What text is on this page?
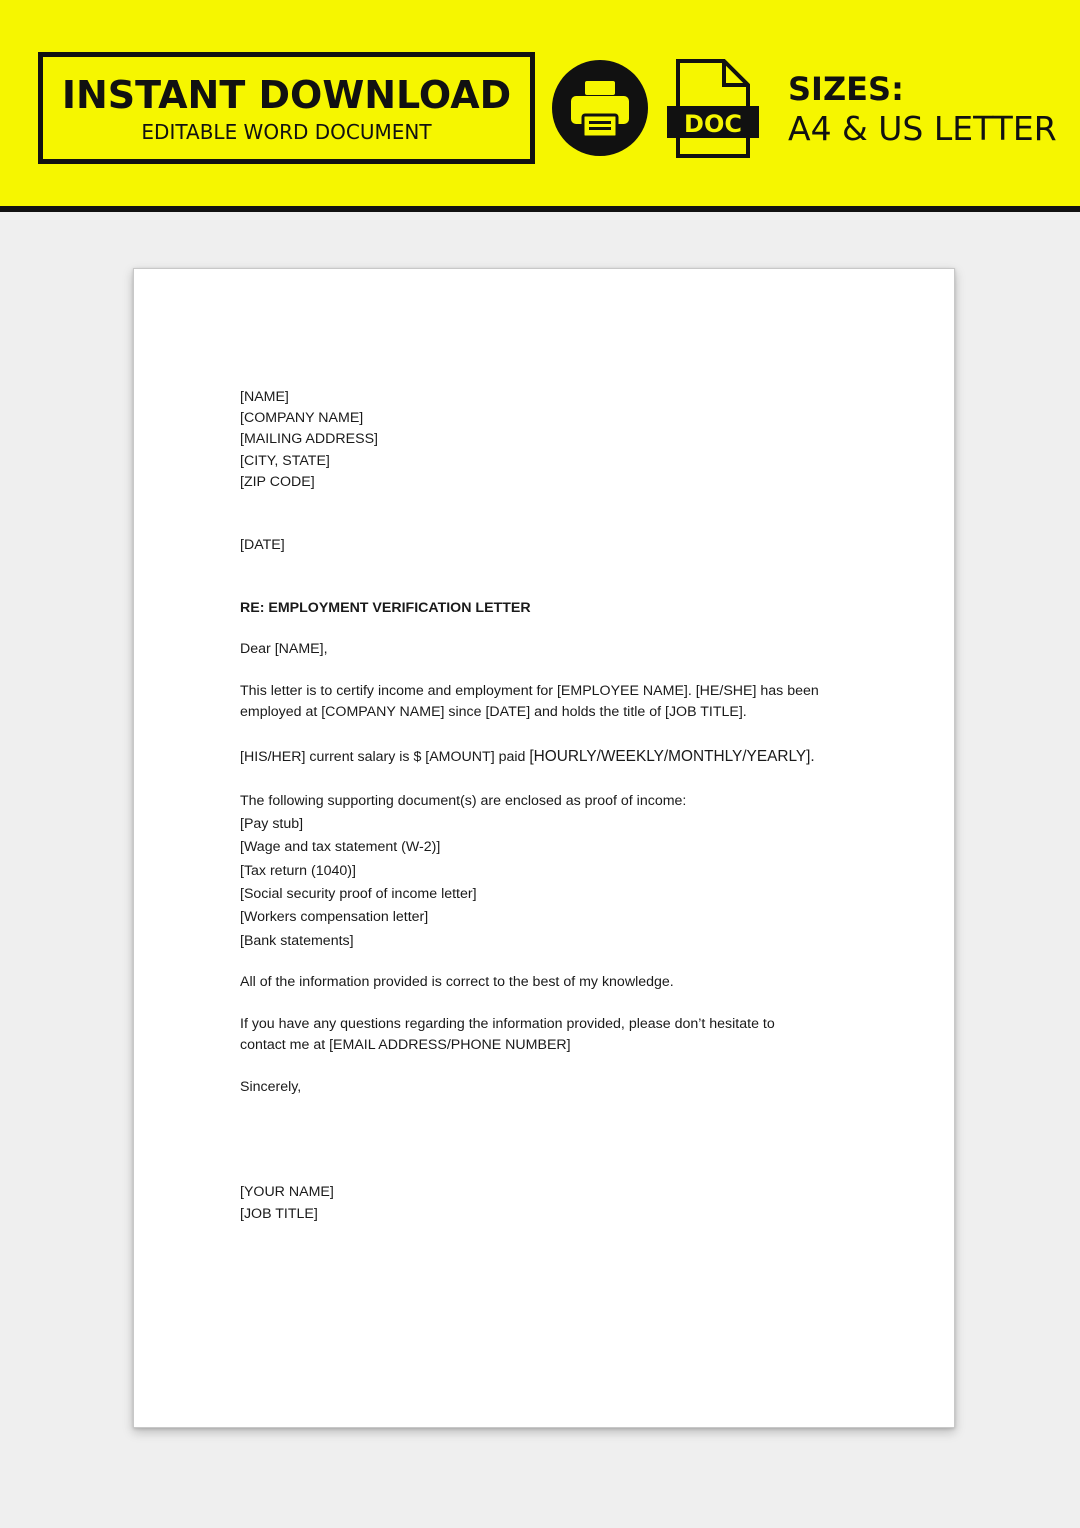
INSTANT DOWNLOAD
EDITABLE WORD DOCUMENT	DOC
SIZES:
A4 & US LETTER
[NAME]
[COMPANY NAME]
[MAILING ADDRESS]
[CITY, STATE]
[ZIP CODE]
[DATE]
RE: EMPLOYMENT VERIFICATION LETTER
Dear [NAME],
This letter is to certify income and employment for [EMPLOYEE NAME]. [HE/SHE] has been
employed at [COMPANY NAME] since [DATE] and holds the title of [JOB TITLE].
[HIS/HER] current salary is $ [AMOUNT] paid [HOURLY/WEEKLY/MONTHLY/YEARLY].
The following supporting document(s) are enclosed as proof of income:
[Pay stub]
[Wage and tax statement (W-2)]
[Tax return (1040)]
[Social security proof of income letter]
[Workers compensation letter]
[Bank statements]
All of the information provided is correct to the best of my knowledge.
If you have any questions regarding the information provided, please don’t hesitate to
contact me at [EMAIL ADDRESS/PHONE NUMBER]
Sincerely,
[YOUR NAME]
[JOB TITLE]
